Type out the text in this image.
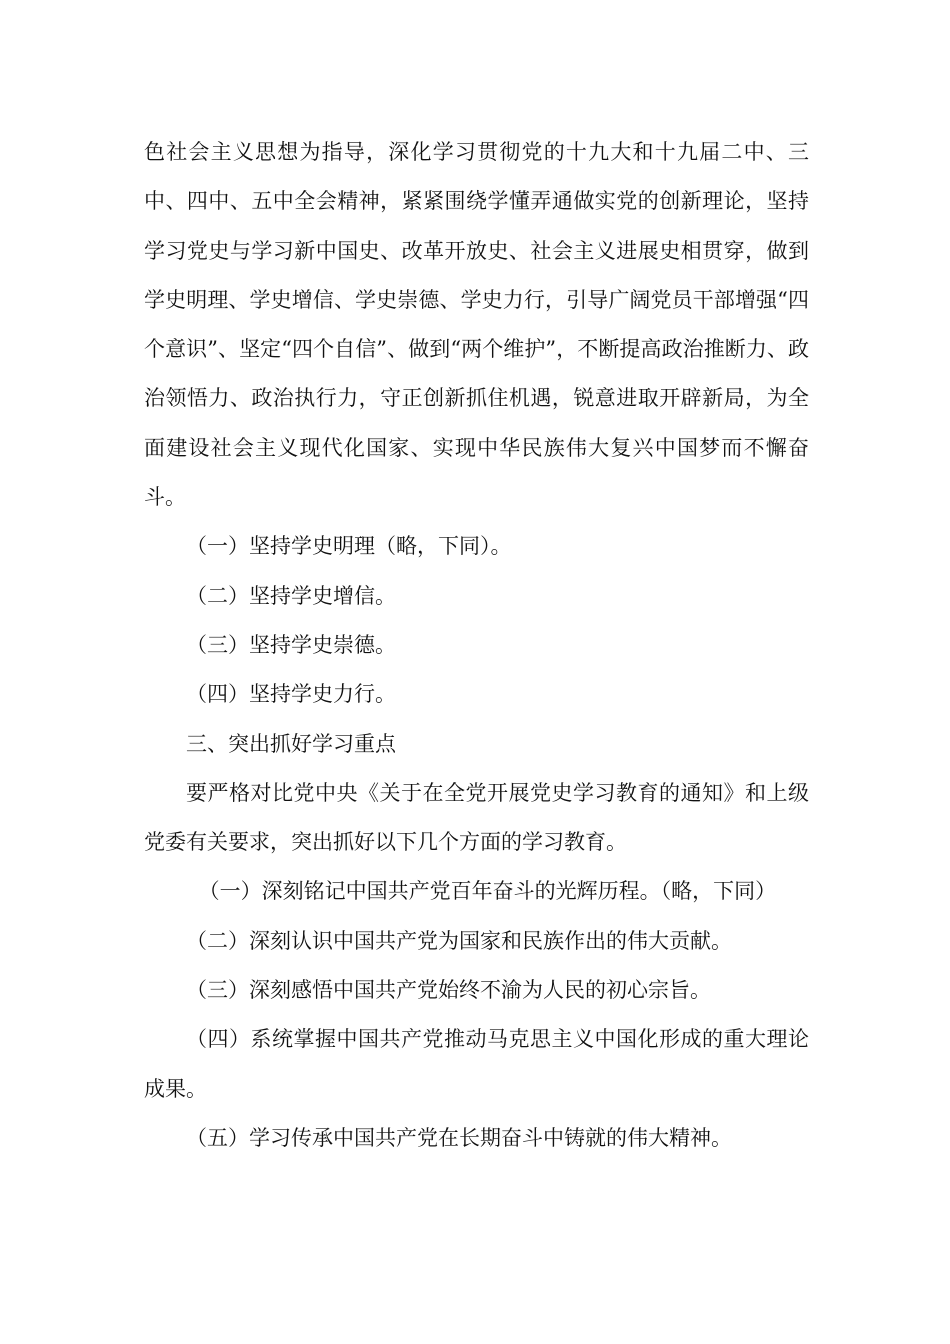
色社会主义思想为指导，深化学习贯彻党的十九大和十九届二中、三中、四中、五中全会精神，紧紧围绕学懂弄通做实党的创新理论，坚持学习党史与学习新中国史、改革开放史、社会主义进展史相贯穿，做到学史明理、学史增信、学史崇德、学史力行，引导广阔党员干部增强“四个意识”、坚定“四个自信”、做到“两个维护”，不断提高政治推断力、政治领悟力、政治执行力，守正创新抓住机遇，锐意进取开辟新局，为全面建设社会主义现代化国家、实现中华民族伟大复兴中国梦而不懈奋斗。

（一）坚持学史明理（略，下同）。

（二）坚持学史增信。

（三）坚持学史崇德。

（四）坚持学史力行。

三、突出抓好学习重点

要严格对比党中央《关于在全党开展党史学习教育的通知》和上级党委有关要求，突出抓好以下几个方面的学习教育。

（一）深刻铭记中国共产党百年奋斗的光辉历程。（略，下同）

（二）深刻认识中国共产党为国家和民族作出的伟大贡献。

（三）深刻感悟中国共产党始终不渝为人民的初心宗旨。

（四）系统掌握中国共产党推动马克思主义中国化形成的重大理论成果。

（五）学习传承中国共产党在长期奋斗中铸就的伟大精神。
